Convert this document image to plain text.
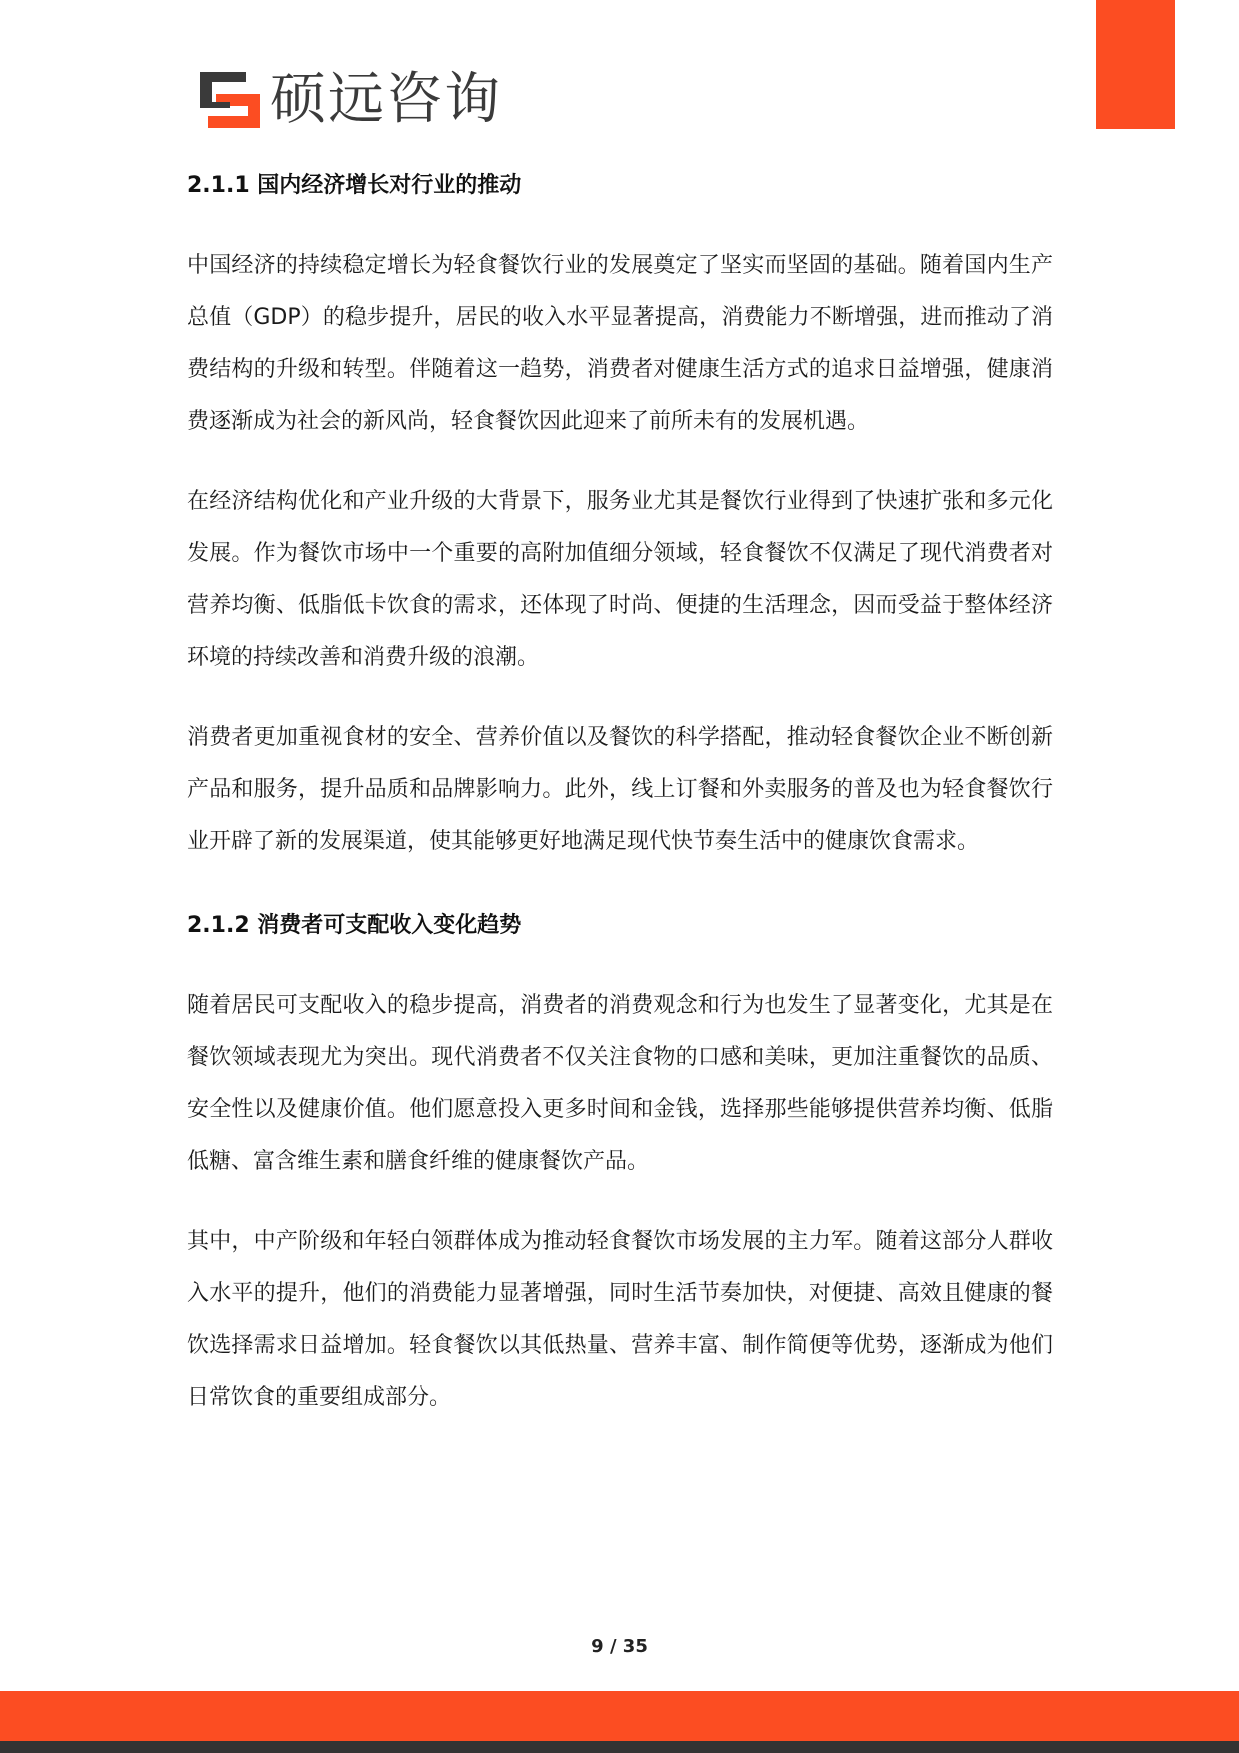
硕远咨询
2.1.1 国内经济增长对行业的推动

中国经济的持续稳定增长为轻食餐饮行业的发展奠定了坚实而坚固的基础。随着国内生产总值（GDP）的稳步提升，居民的收入水平显著提高，消费能力不断增强，进而推动了消费结构的升级和转型。伴随着这一趋势，消费者对健康生活方式的追求日益增强，健康消费逐渐成为社会的新风尚，轻食餐饮因此迎来了前所未有的发展机遇。

在经济结构优化和产业升级的大背景下，服务业尤其是餐饮行业得到了快速扩张和多元化发展。作为餐饮市场中一个重要的高附加值细分领域，轻食餐饮不仅满足了现代消费者对营养均衡、低脂低卡饮食的需求，还体现了时尚、便捷的生活理念，因而受益于整体经济环境的持续改善和消费升级的浪潮。

消费者更加重视食材的安全、营养价值以及餐饮的科学搭配，推动轻食餐饮企业不断创新产品和服务，提升品质和品牌影响力。此外，线上订餐和外卖服务的普及也为轻食餐饮行业开辟了新的发展渠道，使其能够更好地满足现代快节奏生活中的健康饮食需求。

2.1.2 消费者可支配收入变化趋势

随着居民可支配收入的稳步提高，消费者的消费观念和行为也发生了显著变化，尤其是在餐饮领域表现尤为突出。现代消费者不仅关注食物的口感和美味，更加注重餐饮的品质、安全性以及健康价值。他们愿意投入更多时间和金钱，选择那些能够提供营养均衡、低脂低糖、富含维生素和膳食纤维的健康餐饮产品。

其中，中产阶级和年轻白领群体成为推动轻食餐饮市场发展的主力军。随着这部分人群收入水平的提升，他们的消费能力显著增强，同时生活节奏加快，对便捷、高效且健康的餐饮选择需求日益增加。轻食餐饮以其低热量、营养丰富、制作简便等优势，逐渐成为他们日常饮食的重要组成部分。

9 / 35
